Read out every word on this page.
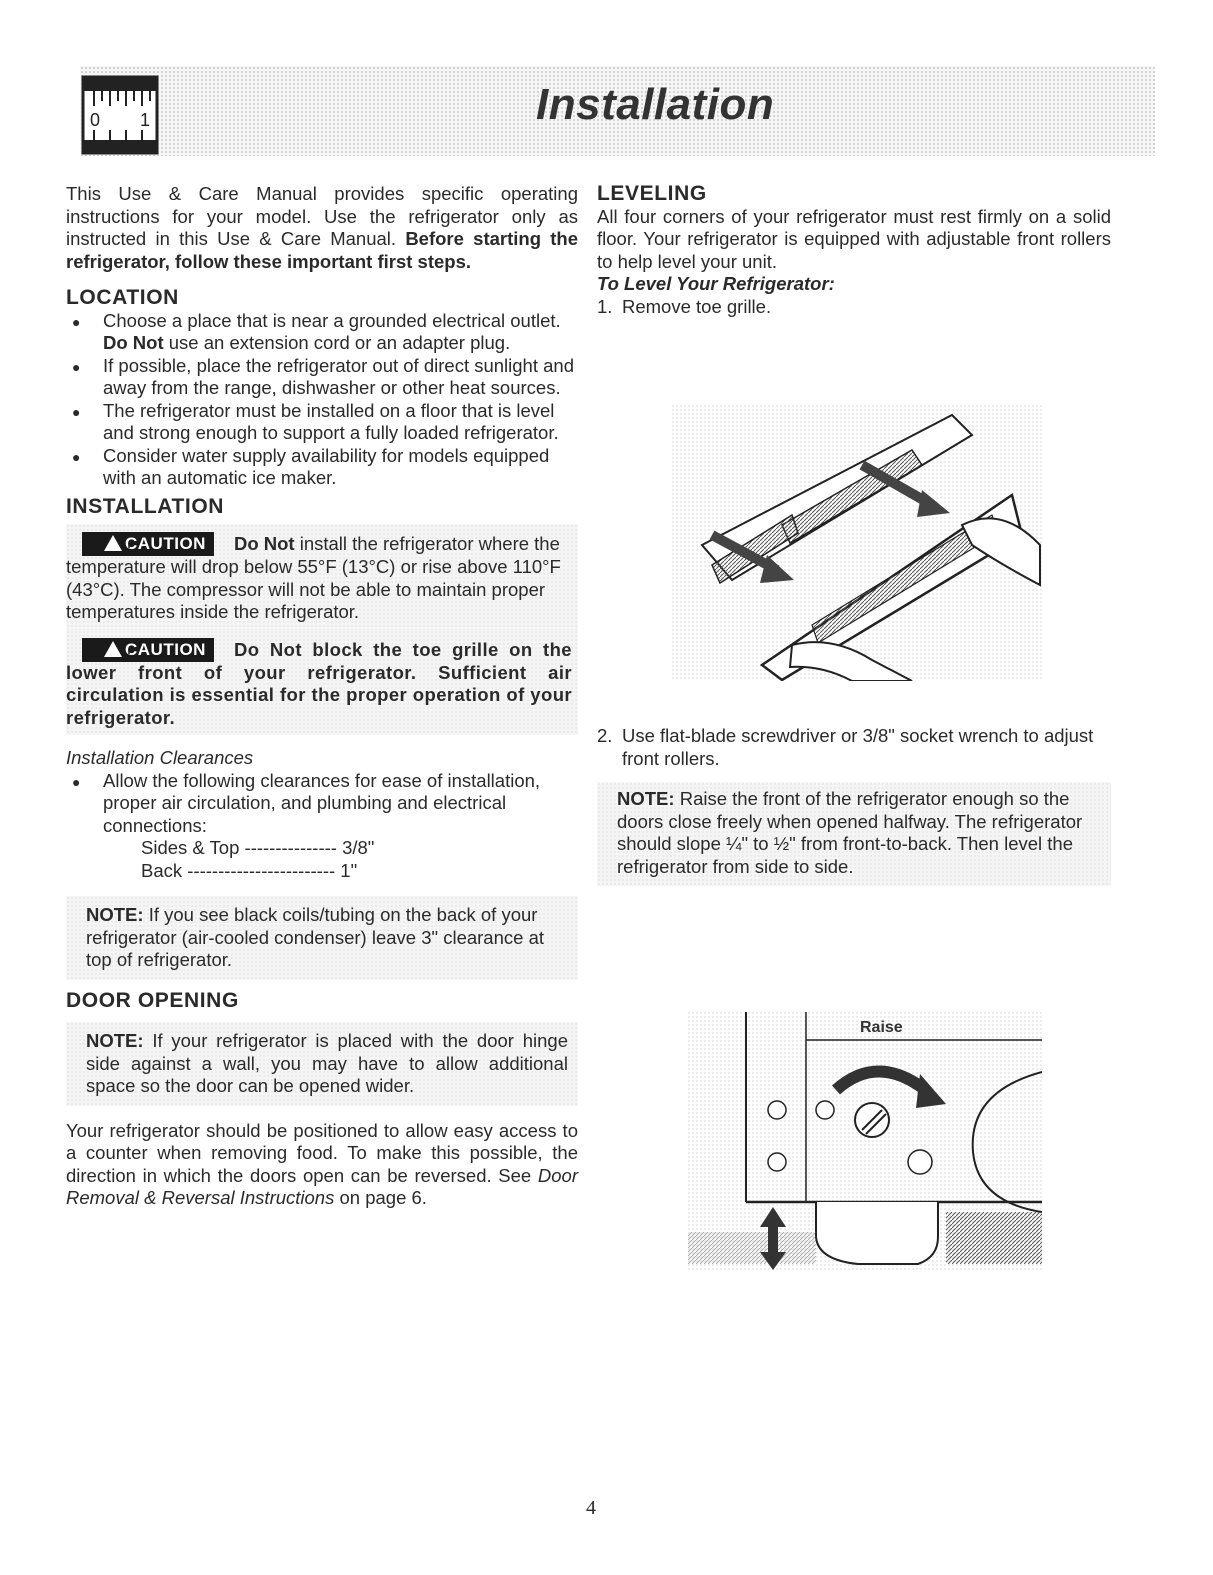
0 1	Installation

This Use & Care Manual provides specific operating instructions for your model. Use the refrigerator only as instructed in this Use & Care Manual. Before starting the refrigerator, follow these important first steps.

LOCATION
● Choose a place that is near a grounded electrical outlet. Do Not use an extension cord or an adapter plug.
● If possible, place the refrigerator out of direct sunlight and away from the range, dishwasher or other heat sources.
● The refrigerator must be installed on a floor that is level and strong enough to support a fully loaded refrigerator.
● Consider water supply availability for models equipped with an automatic ice maker.
INSTALLATION

!CAUTION Do Not install the refrigerator where the temperature will drop below 55°F (13°C) or rise above 110°F (43°C). The compressor will not be able to maintain proper temperatures inside the refrigerator.

!CAUTION Do Not block the toe grille on the lower front of your refrigerator. Sufficient air circulation is essential for the proper operation of your refrigerator.

Installation Clearances

● Allow the following clearances for ease of installation, proper air circulation, and plumbing and electrical connections:
Sides & Top
---------------
3/8"
Back
------------------------
1"

NOTE: If you see black coils/tubing on the back of your refrigerator (air-cooled condenser) leave 3" clearance at top of refrigerator.

DOOR OPENING

NOTE: If your refrigerator is placed with the door hinge side against a wall, you may have to allow additional space so the door can be opened wider.

Your refrigerator should be positioned to allow easy access to a counter when removing food. To make this possible, the direction in which the doors open can be reversed. See Door Removal & Reversal Instructions on page 6.

LEVELING

All four corners of your refrigerator must rest firmly on a solid floor. Your refrigerator is equipped with adjustable front rollers to help level your unit.

To Level Your Refrigerator:

1. Remove toe grille.

2. Use flat-blade screwdriver or 3/8" socket wrench to adjust front rollers.

NOTE: Raise the front of the refrigerator enough so the doors close freely when opened halfway. The refrigerator should slope ¼" to ½" from front-to-back. Then level the refrigerator from side to side.

Raise
4
